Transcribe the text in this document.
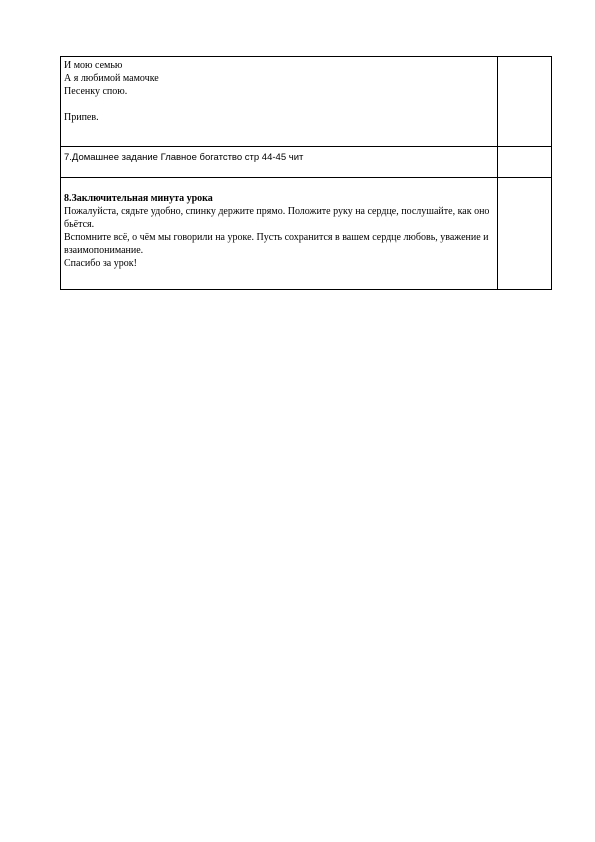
И мою семью
А я любимой мамочке
Песенку спою.
Припев.	

7.Домашнее задание Главное богатство стр 44-45 чит	

8.Заключительная минута урока
Пожалуйста, сядьте удобно, спинку держите прямо. Положите руку на сердце, послушайте, как оно бьётся.
Вспомните всё, о чём мы говорили на уроке. Пусть сохранится в вашем сердце любовь, уважение и взаимопонимание.
Спасибо за урок!	
